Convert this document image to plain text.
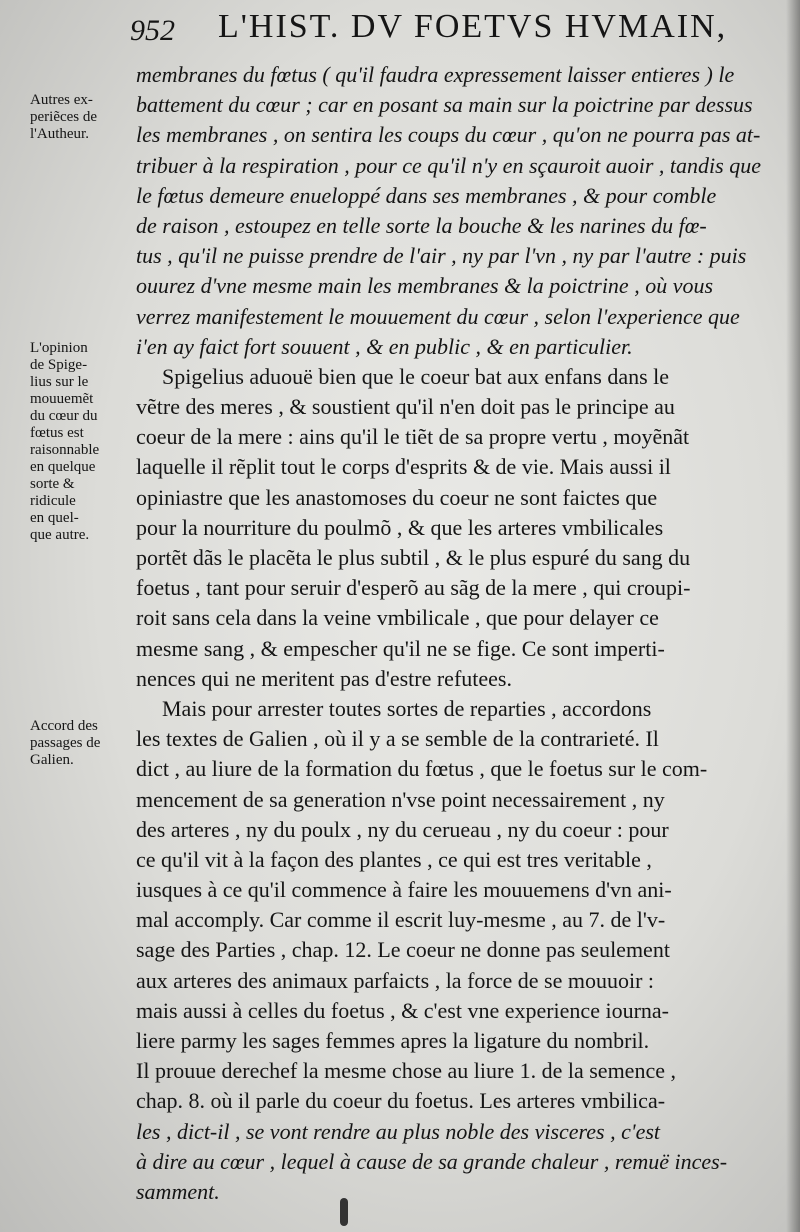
952 L'HIST. DV FOETVS HVMAIN,
Autres ex-
periẽces de
l'Autheur.
L'opinion
de Spige-
lius sur le
mouuemẽt
du cœur du
fœtus est
raisonnable
en quelque
sorte &
ridicule
en quel-
que autre.
Accord des
passages de
Galien.
membranes du fœtus ( qu'il faudra expressement laisser entieres ) le
battement du cœur ; car en posant sa main sur la poictrine par dessus
les membranes , on sentira les coups du cœur , qu'on ne pourra pas at-
tribuer à la respiration , pour ce qu'il n'y en sçauroit auoir , tandis que
le fœtus demeure enueloppé dans ses membranes , & pour comble
de raison , estoupez en telle sorte la bouche & les narines du fœ-
tus , qu'il ne puisse prendre de l'air , ny par l'vn , ny par l'autre : puis
ouurez d'vne mesme main les membranes & la poictrine , où vous
verrez manifestement le mouuement du cœur , selon l'experience que
i'en ay faict fort souuent , & en public , & en particulier.
Spigelius aduouë bien que le coeur bat aux enfans dans le
vẽtre des meres , & soustient qu'il n'en doit pas le principe au
coeur de la mere : ains qu'il le tiẽt de sa propre vertu , moyẽnãt
laquelle il rẽplit tout le corps d'esprits & de vie. Mais aussi il
opiniastre que les anastomoses du coeur ne sont faictes que
pour la nourriture du poulmõ , & que les arteres vmbilicales
portẽt dãs le placẽta le plus subtil , & le plus espuré du sang du
foetus , tant pour seruir d'esperõ au sãg de la mere , qui croupi-
roit sans cela dans la veine vmbilicale , que pour delayer ce
mesme sang , & empescher qu'il ne se fige. Ce sont imperti-
nences qui ne meritent pas d'estre refutees.
Mais pour arrester toutes sortes de reparties , accordons
les textes de Galien , où il y a se semble de la contrarieté. Il
dict , au liure de la formation du fœtus , que le foetus sur le com-
mencement de sa generation n'vse point necessairement , ny
des arteres , ny du poulx , ny du cerueau , ny du coeur : pour
ce qu'il vit à la façon des plantes , ce qui est tres veritable ,
iusques à ce qu'il commence à faire les mouuemens d'vn ani-
mal accomply. Car comme il escrit luy-mesme , au 7. de l'v-
sage des Parties , chap. 12. Le coeur ne donne pas seulement
aux arteres des animaux parfaicts , la force de se mouuoir :
mais aussi à celles du foetus , & c'est vne experience iourna-
liere parmy les sages femmes apres la ligature du nombril.
Il prouue derechef la mesme chose au liure 1. de la semence ,
chap. 8. où il parle du coeur du foetus. Les arteres vmbilica-
les , dict-il , se vont rendre au plus noble des visceres , c'est
à dire au cœur , lequel à cause de sa grande chaleur , remuë inces-
samment.
